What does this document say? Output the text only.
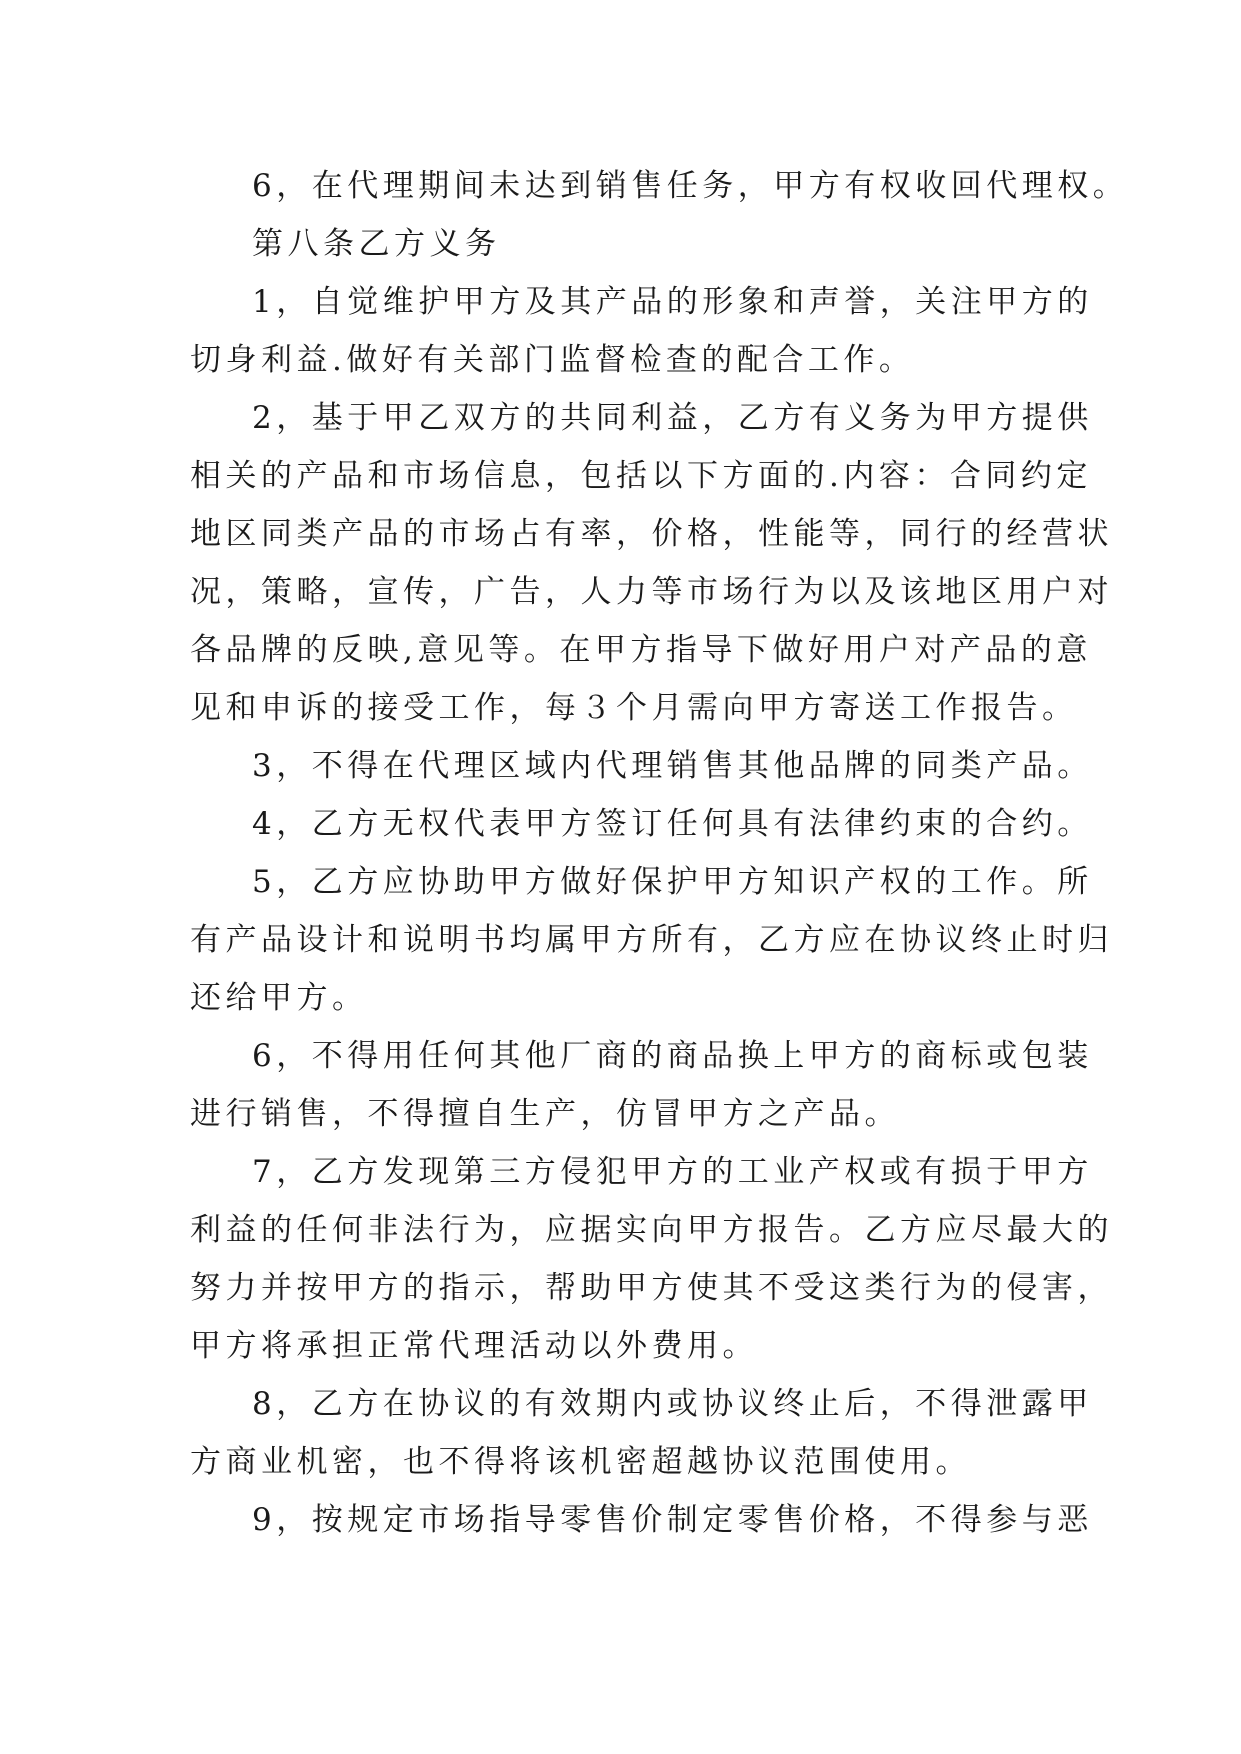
6，在代理期间未达到销售任务，甲方有权收回代理权。
第八条乙方义务
1，自觉维护甲方及其产品的形象和声誉，关注甲方的
切身利益.做好有关部门监督检查的配合工作。
2，基于甲乙双方的共同利益，乙方有义务为甲方提供
相关的产品和市场信息，包括以下方面的.内容：合同约定
地区同类产品的市场占有率，价格，性能等，同行的经营状
况，策略，宣传，广告，人力等市场行为以及该地区用户对
各品牌的反映,意见等。在甲方指导下做好用户对产品的意
见和申诉的接受工作，每３个月需向甲方寄送工作报告。
3，不得在代理区域内代理销售其他品牌的同类产品。
4，乙方无权代表甲方签订任何具有法律约束的合约。
5，乙方应协助甲方做好保护甲方知识产权的工作。所
有产品设计和说明书均属甲方所有，乙方应在协议终止时归
还给甲方。
6，不得用任何其他厂商的商品换上甲方的商标或包装
进行销售，不得擅自生产，仿冒甲方之产品。
7，乙方发现第三方侵犯甲方的工业产权或有损于甲方
利益的任何非法行为，应据实向甲方报告。乙方应尽最大的
努力并按甲方的指示，帮助甲方使其不受这类行为的侵害，
甲方将承担正常代理活动以外费用。
8，乙方在协议的有效期内或协议终止后，不得泄露甲
方商业机密，也不得将该机密超越协议范围使用。
9，按规定市场指导零售价制定零售价格，不得参与恶
